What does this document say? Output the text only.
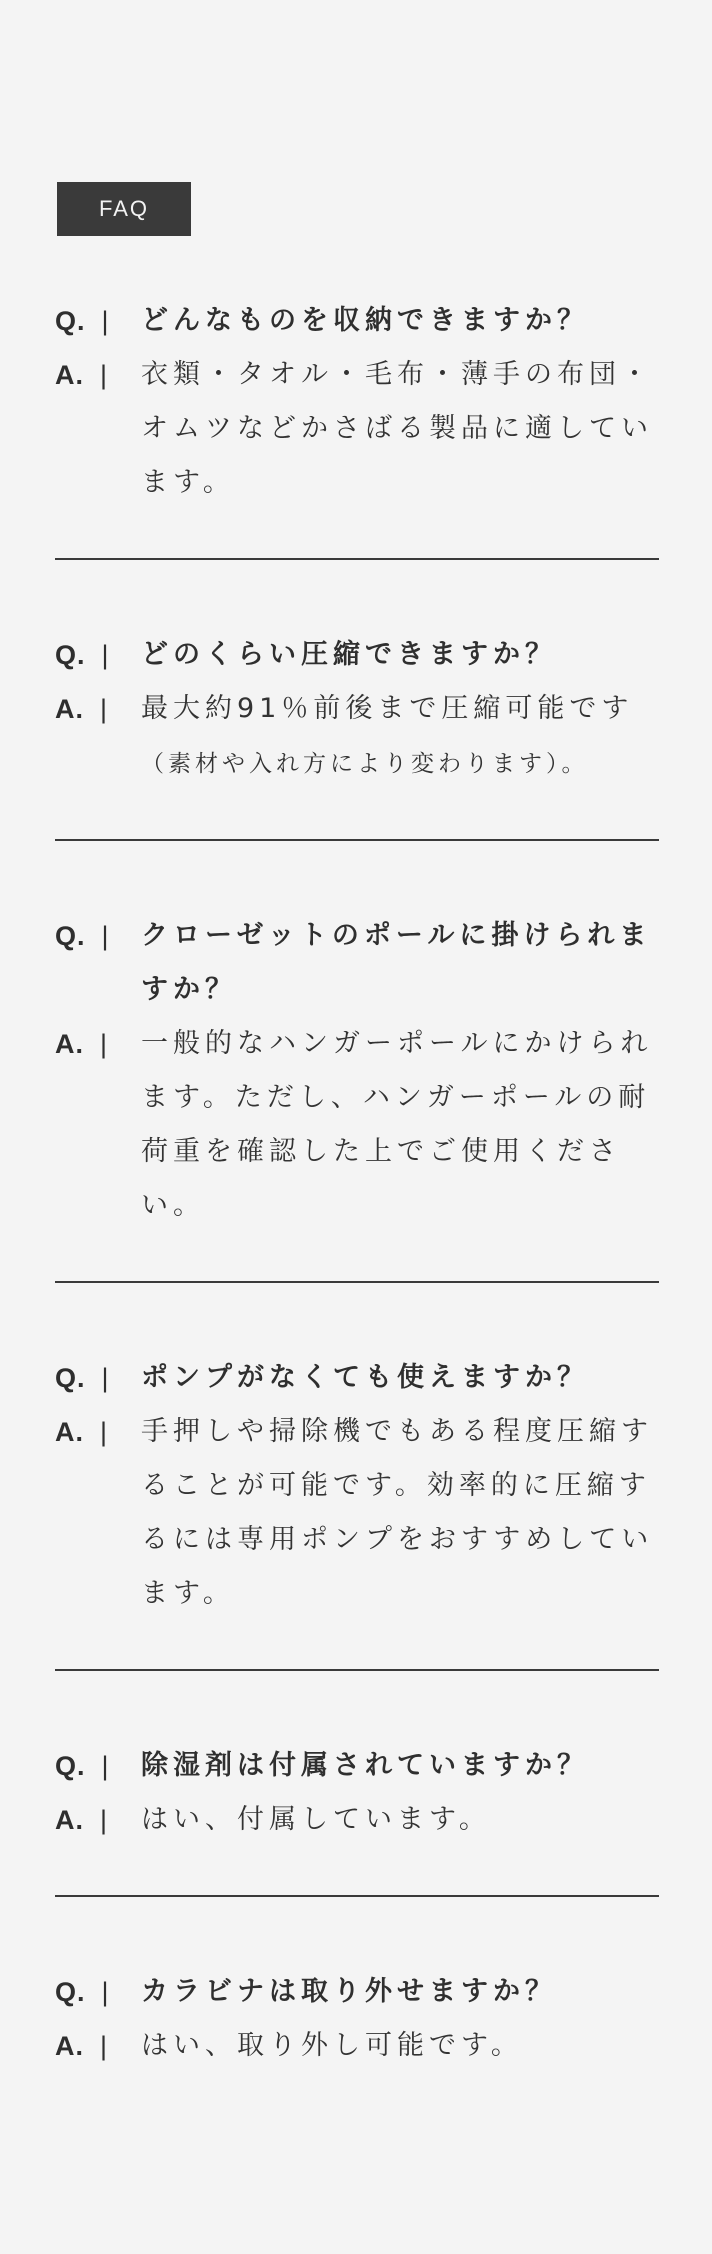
FAQ
Q. | どんなものを収納できますか？
A. | 衣類・タオル・毛布・薄手の布団・オムツなどかさばる製品に適しています。
Q. | どのくらい圧縮できますか？
A. | 最大約91％前後まで圧縮可能です
（素材や入れ方により変わります）。
Q. | クローゼットのポールに掛けられますか？
A. | 一般的なハンガーポールにかけられます。ただし、ハンガーポールの耐荷重を確認した上でご使用ください。
Q. | ポンプがなくても使えますか？
A. | 手押しや掃除機でもある程度圧縮することが可能です。効率的に圧縮するには専用ポンプをおすすめしています。
Q. | 除湿剤は付属されていますか？
A. | はい、付属しています。
Q. | カラビナは取り外せますか？
A. | はい、取り外し可能です。
